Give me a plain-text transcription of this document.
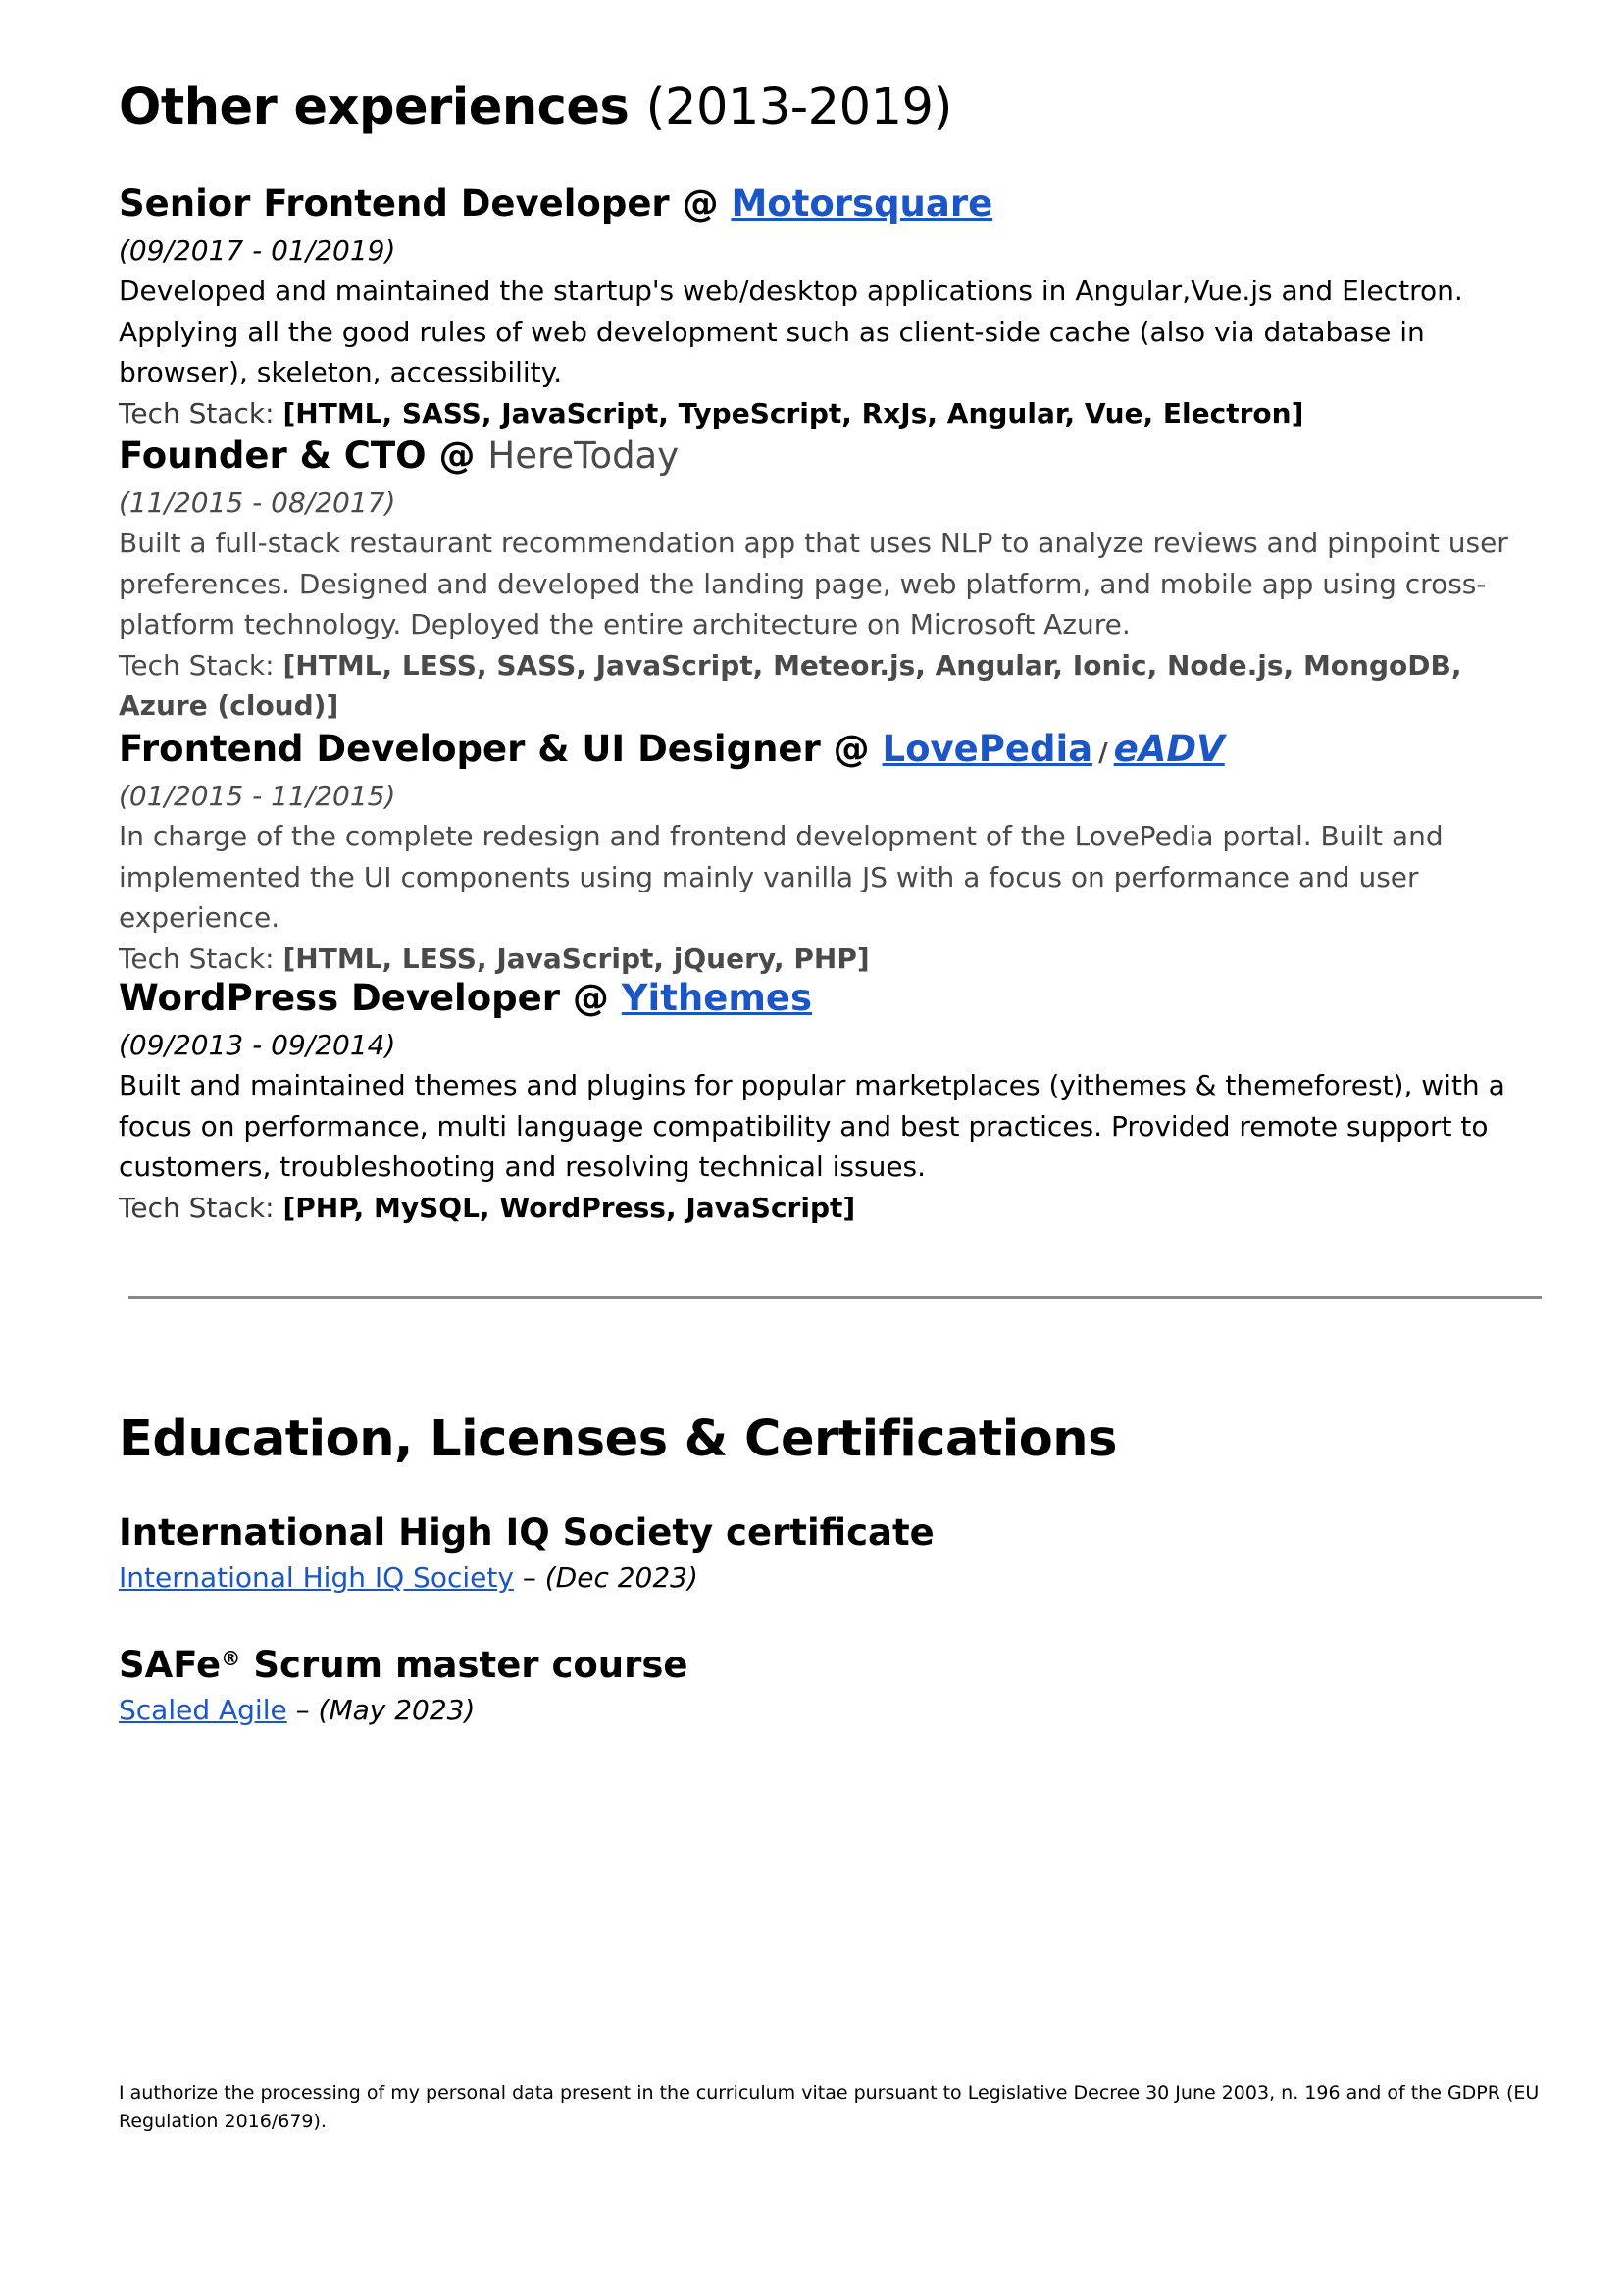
Other experiences (2013-2019)
Senior Frontend Developer @ Motorsquare

(09/2017 - 01/2019)

Developed and maintained the startup's web/desktop applications in Angular,Vue.js and Electron. Applying all the good rules of web development such as client-side cache (also via database in browser), skeleton, accessibility.

Tech Stack: [HTML, SASS, JavaScript, TypeScript, RxJs, Angular, Vue, Electron]

Founder & CTO @ HereToday

(11/2015 - 08/2017)

Built a full-stack restaurant recommendation app that uses NLP to analyze reviews and pinpoint user preferences. Designed and developed the landing page, web platform, and mobile app using cross-platform technology. Deployed the entire architecture on Microsoft Azure.

Tech Stack: [HTML, LESS, SASS, JavaScript, Meteor.js, Angular, Ionic, Node.js, MongoDB, Azure (cloud)]

Frontend Developer & UI Designer @ LovePedia / eADV

(01/2015 - 11/2015)

In charge of the complete redesign and frontend development of the LovePedia portal. Built and implemented the UI components using mainly vanilla JS with a focus on performance and user experience.

Tech Stack: [HTML, LESS, JavaScript, jQuery, PHP]

WordPress Developer @ Yithemes

(09/2013 - 09/2014)

Built and maintained themes and plugins for popular marketplaces (yithemes & themeforest), with a focus on performance, multi language compatibility and best practices. Provided remote support to customers, troubleshooting and resolving technical issues.

Tech Stack: [PHP, MySQL, WordPress, JavaScript]

Education, Licenses & Certifications
International High IQ Society certificate

International High IQ Society – (Dec 2023)

SAFe® Scrum master course

Scaled Agile – (May 2023)

I authorize the processing of my personal data present in the curriculum vitae pursuant to Legislative Decree 30 June 2003, n. 196 and of the GDPR (EU Regulation 2016/679).
